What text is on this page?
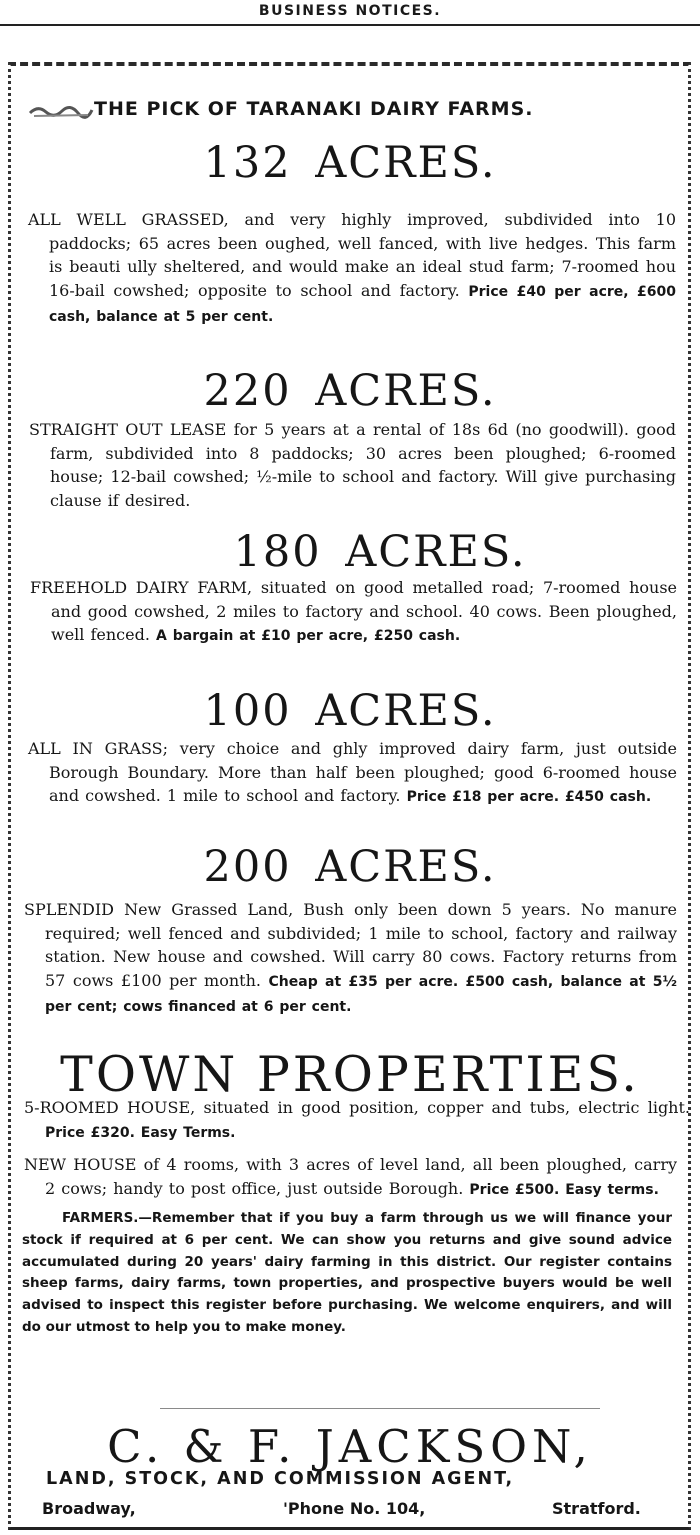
BUSINESS NOTICES.
THE PICK OF TARANAKI DAIRY FARMS.
132 ACRES.

ALL WELL GRASSED, and very highly improved, subdivided into 10 paddocks; 65 acres been oughed, well fanced, with live hedges. This farm is beauti ully sheltered, and would make an ideal stud farm; 7-roomed hou 16-bail cowshed; opposite to school and factory. Price £40 per acre, £600 cash, balance at 5 per cent.

220 ACRES.

STRAIGHT OUT LEASE for 5 years at a rental of 18s 6d (no goodwill). good farm, subdivided into 8 paddocks; 30 acres been ploughed; 6-roomed house; 12-bail cowshed; ½-mile to school and factory. Will give purchasing clause if desired.

180 ACRES.

FREEHOLD DAIRY FARM, situated on good metalled road; 7-roomed house and good cowshed, 2 miles to factory and school. 40 cows. Been ploughed, well fenced. A bargain at £10 per acre, £250 cash.

100 ACRES.

ALL IN GRASS; very choice and ghly improved dairy farm, just outside Borough Boundary. More than half been ploughed; good 6-roomed house and cowshed. 1 mile to school and factory. Price £18 per acre. £450 cash.

200 ACRES.

SPLENDID New Grassed Land, Bush only been down 5 years. No manure required; well fenced and subdivided; 1 mile to school, factory and railway station. New house and cowshed. Will carry 80 cows. Factory returns from 57 cows £100 per month. Cheap at £35 per acre. £500 cash, balance at 5½ per cent; cows financed at 6 per cent.

TOWN PROPERTIES.

5-ROOMED HOUSE, situated in good position, copper and tubs, electric light. Price £320. Easy Terms.

NEW HOUSE of 4 rooms, with 3 acres of level land, all been ploughed, carry 2 cows; handy to post office, just outside Borough. Price £500. Easy terms.

FARMERS.—Remember that if you buy a farm through us we will finance your stock if required at 6 per cent. We can show you returns and give sound advice accumulated during 20 years' dairy farming in this district. Our register contains sheep farms, dairy farms, town properties, and prospective buyers would be well advised to inspect this register before purchasing. We welcome enquirers, and will do our utmost to help you to make money.

C. & F. JACKSON,
LAND, STOCK, AND COMMISSION AGENT,
Broadway,	'Phone No. 104,	Stratford.
